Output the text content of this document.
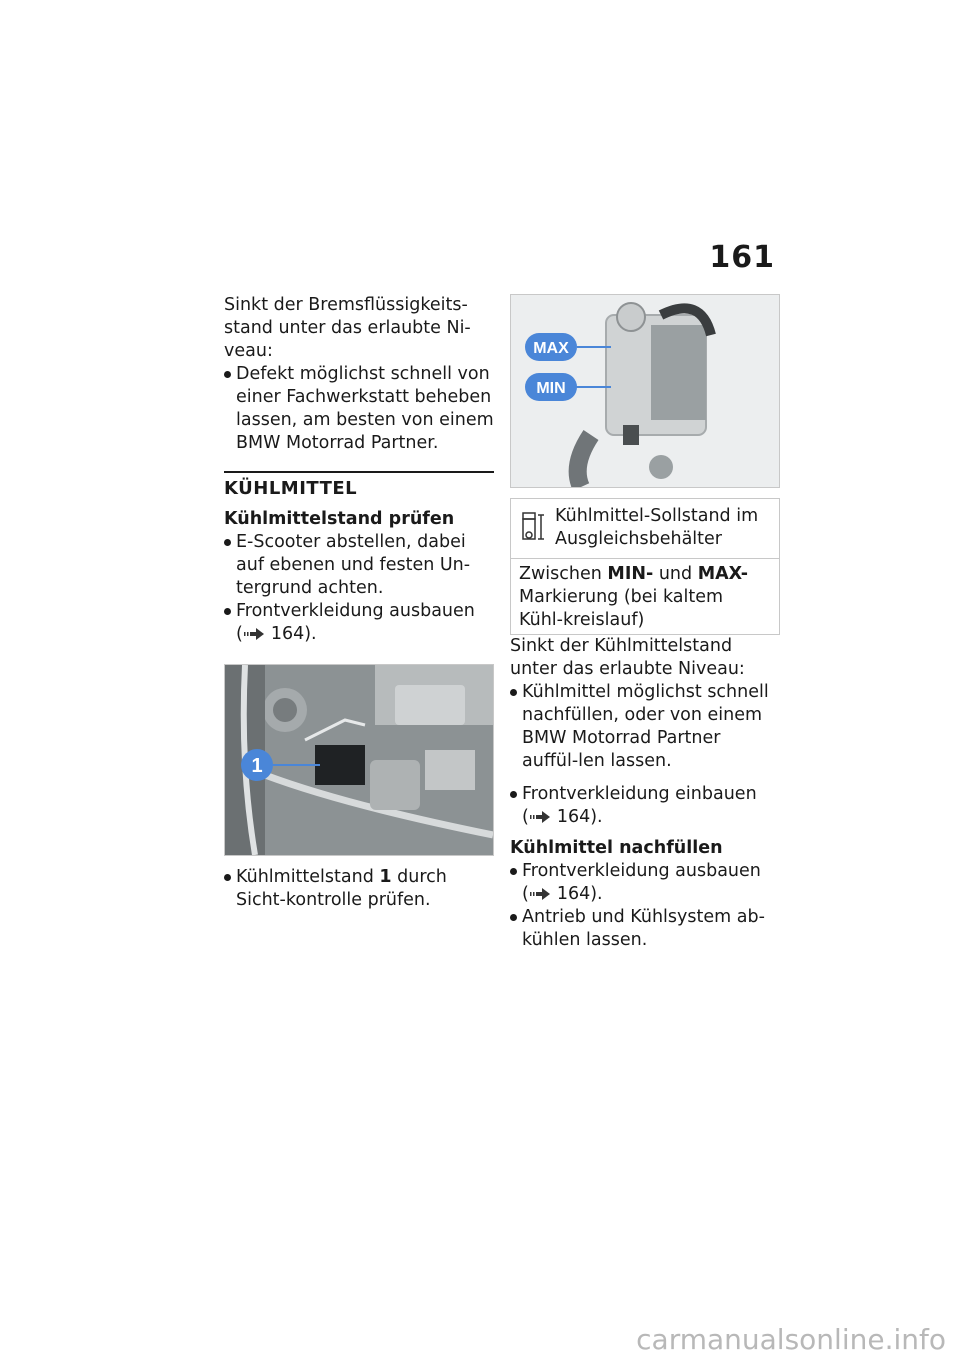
161

Sinkt der Bremsflüssigkeits-stand unter das erlaubte Ni-veau:

Defekt möglichst schnell von einer Fachwerkstatt beheben lassen, am besten von einem BMW Motorrad Partner.

KÜHLMITTEL
Kühlmittelstand prüfen

E-Scooter abstellen, dabei auf ebenen und festen Un-tergrund achten.

Frontverkleidung ausbauen
( 164).

1

Kühlmittelstand 1 durch Sicht-kontrolle prüfen.

MAX
MIN
Kühlmittel-Sollstand im Ausgleichsbehälter
Zwischen MIN- und MAX-
Markierung (bei kaltem Kühl-kreislauf)

Sinkt der Kühlmittelstand unter das erlaubte Niveau:

Kühlmittel möglichst schnell nachfüllen, oder von einem BMW Motorrad Partner auffül-len lassen.

Frontverkleidung einbauen
( 164).

Kühlmittel nachfüllen

Frontverkleidung ausbauen
( 164).

Antrieb und Kühlsystem ab-kühlen lassen.

carmanualsonline.info
